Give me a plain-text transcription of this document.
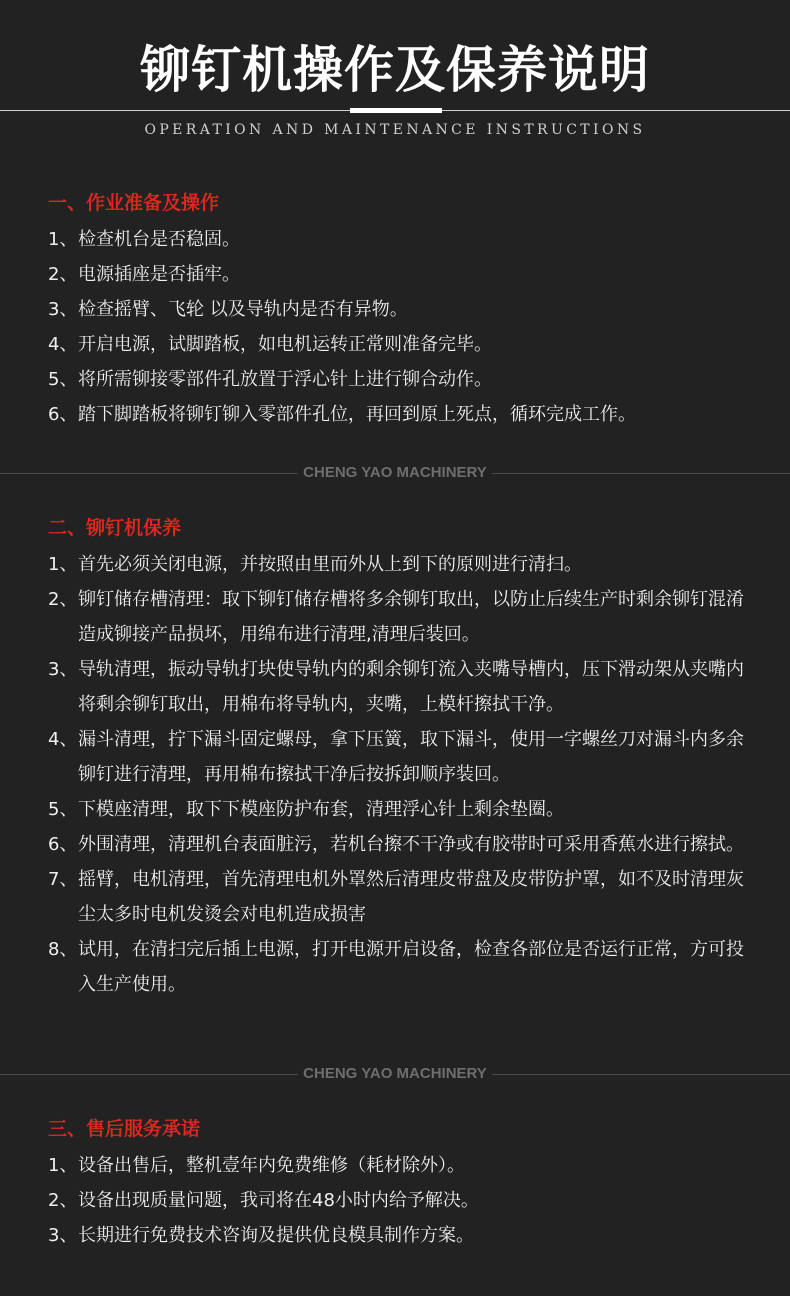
铆钉机操作及保养说明
OPERATION AND MAINTENANCE INSTRUCTIONS
一、作业准备及操作
1、 检查机台是否稳固。
2、 电源插座是否插牢。
3、 检查摇臂、飞轮 以及导轨内是否有异物。
4、 开启电源，试脚踏板，如电机运转正常则准备完毕。
5、 将所需铆接零部件孔放置于浮心针上进行铆合动作。
6、 踏下脚踏板将铆钉铆入零部件孔位，再回到原上死点，循环完成工作。
CHENG YAO MACHINERY
二、铆钉机保养
1、 首先必须关闭电源，并按照由里而外从上到下的原则进行清扫。
2、 铆钉储存槽清理：取下铆钉储存槽将多余铆钉取出，以防止后续生产时剩余铆钉混淆造成铆接产品损坏，用绵布进行清理,清理后装回。
3、 导轨清理，振动导轨打块使导轨内的剩余铆钉流入夹嘴导槽内，压下滑动架从夹嘴内将剩余铆钉取出，用棉布将导轨内，夹嘴，上模杆擦拭干净。
4、 漏斗清理，拧下漏斗固定螺母，拿下压簧，取下漏斗，使用一字螺丝刀对漏斗内多余铆钉进行清理，再用棉布擦拭干净后按拆卸顺序装回。
5、 下模座清理，取下下模座防护布套，清理浮心针上剩余垫圈。
6、 外围清理，清理机台表面脏污，若机台擦不干净或有胶带时可采用香蕉水进行擦拭。
7、 摇臂，电机清理，首先清理电机外罩然后清理皮带盘及皮带防护罩，如不及时清理灰尘太多时电机发烫会对电机造成损害
8、 试用，在清扫完后插上电源，打开电源开启设备，检查各部位是否运行正常，方可投入生产使用。
CHENG YAO MACHINERY
三、售后服务承诺
1、 设备出售后，整机壹年内免费维修（耗材除外）。
2、 设备出现质量问题，我司将在48小时内给予解决。
3、 长期进行免费技术咨询及提供优良模具制作方案。
